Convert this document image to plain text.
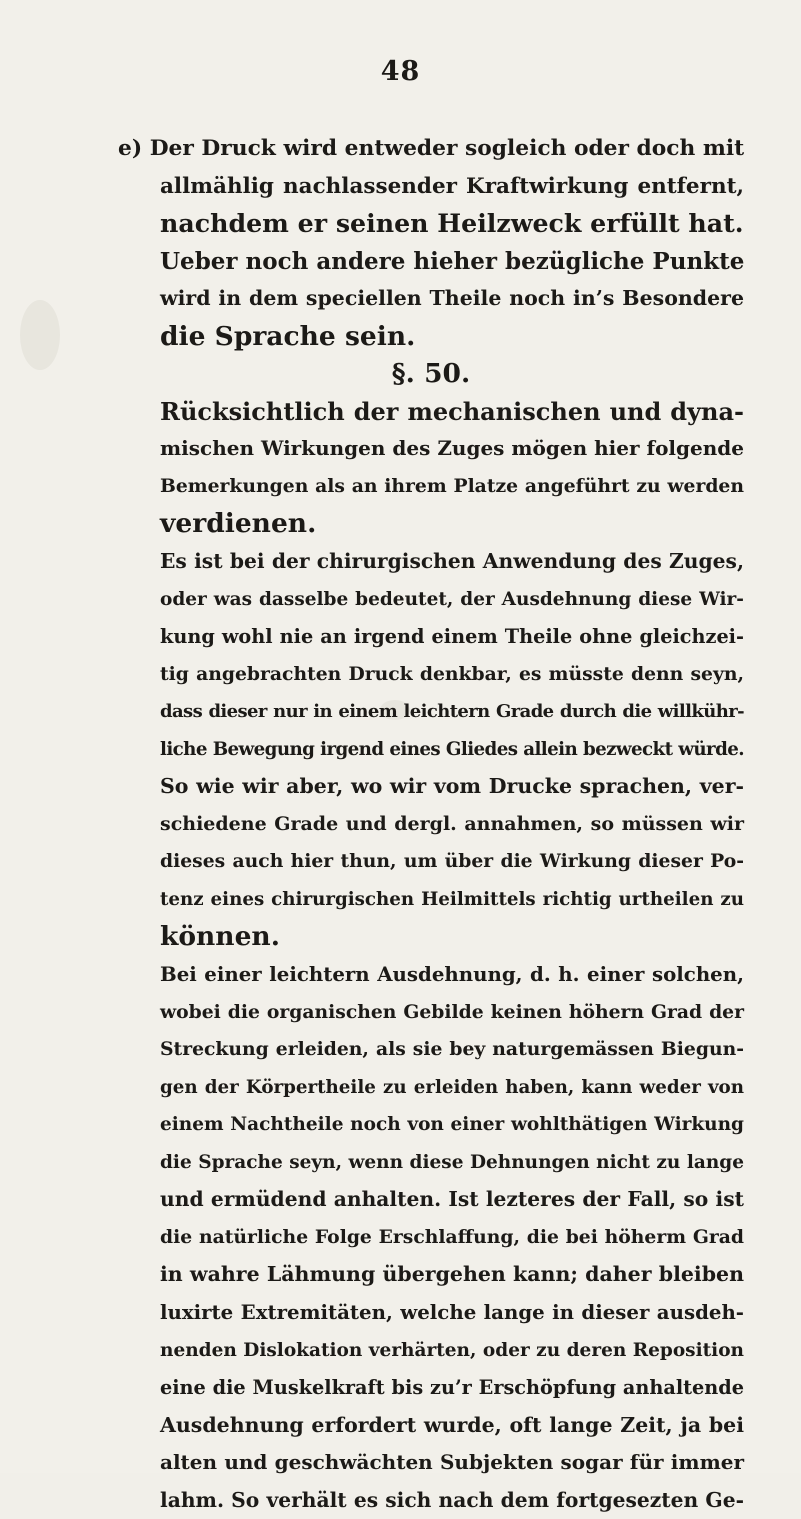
48
e) Der Druck wird entweder sogleich oder doch mit
allmählig nachlassender Kraftwirkung entfernt,
nachdem er seinen Heilzweck erfüllt hat.
Ueber noch andere hieher bezügliche Punkte
wird in dem speciellen Theile noch in’s Besondere
die Sprache sein.
§. 50.
Rücksichtlich der mechanischen und dyna-
mischen Wirkungen des Zuges mögen hier folgende
Bemerkungen als an ihrem Platze angeführt zu werden
verdienen.
Es ist bei der chirurgischen Anwendung des Zuges,
oder was dasselbe bedeutet, der Ausdehnung diese Wir-
kung wohl nie an irgend einem Theile ohne gleichzei-
tig angebrachten Druck denkbar, es müsste denn seyn,
dass dieser nur in einem leichtern Grade durch die willkühr-
liche Bewegung irgend eines Gliedes allein bezweckt würde.
So wie wir aber, wo wir vom Drucke sprachen, ver-
schiedene Grade und dergl. annahmen, so müssen wir
dieses auch hier thun, um über die Wirkung dieser Po-
tenz eines chirurgischen Heilmittels richtig urtheilen zu
können.
Bei einer leichtern Ausdehnung, d. h. einer solchen,
wobei die organischen Gebilde keinen höhern Grad der
Streckung erleiden, als sie bey naturgemässen Biegun-
gen der Körpertheile zu erleiden haben, kann weder von
einem Nachtheile noch von einer wohlthätigen Wirkung
die Sprache seyn, wenn diese Dehnungen nicht zu lange
und ermüdend anhalten. Ist lezteres der Fall, so ist
die natürliche Folge Erschlaffung, die bei höherm Grad
in wahre Lähmung übergehen kann; daher bleiben
luxirte Extremitäten, welche lange in dieser ausdeh-
nenden Dislokation verhärten, oder zu deren Reposition
eine die Muskelkraft bis zu’r Erschöpfung anhaltende
Ausdehnung erfordert wurde, oft lange Zeit, ja bei
alten und geschwächten Subjekten sogar für immer
lahm. So verhält es sich nach dem fortgesezten Ge-
